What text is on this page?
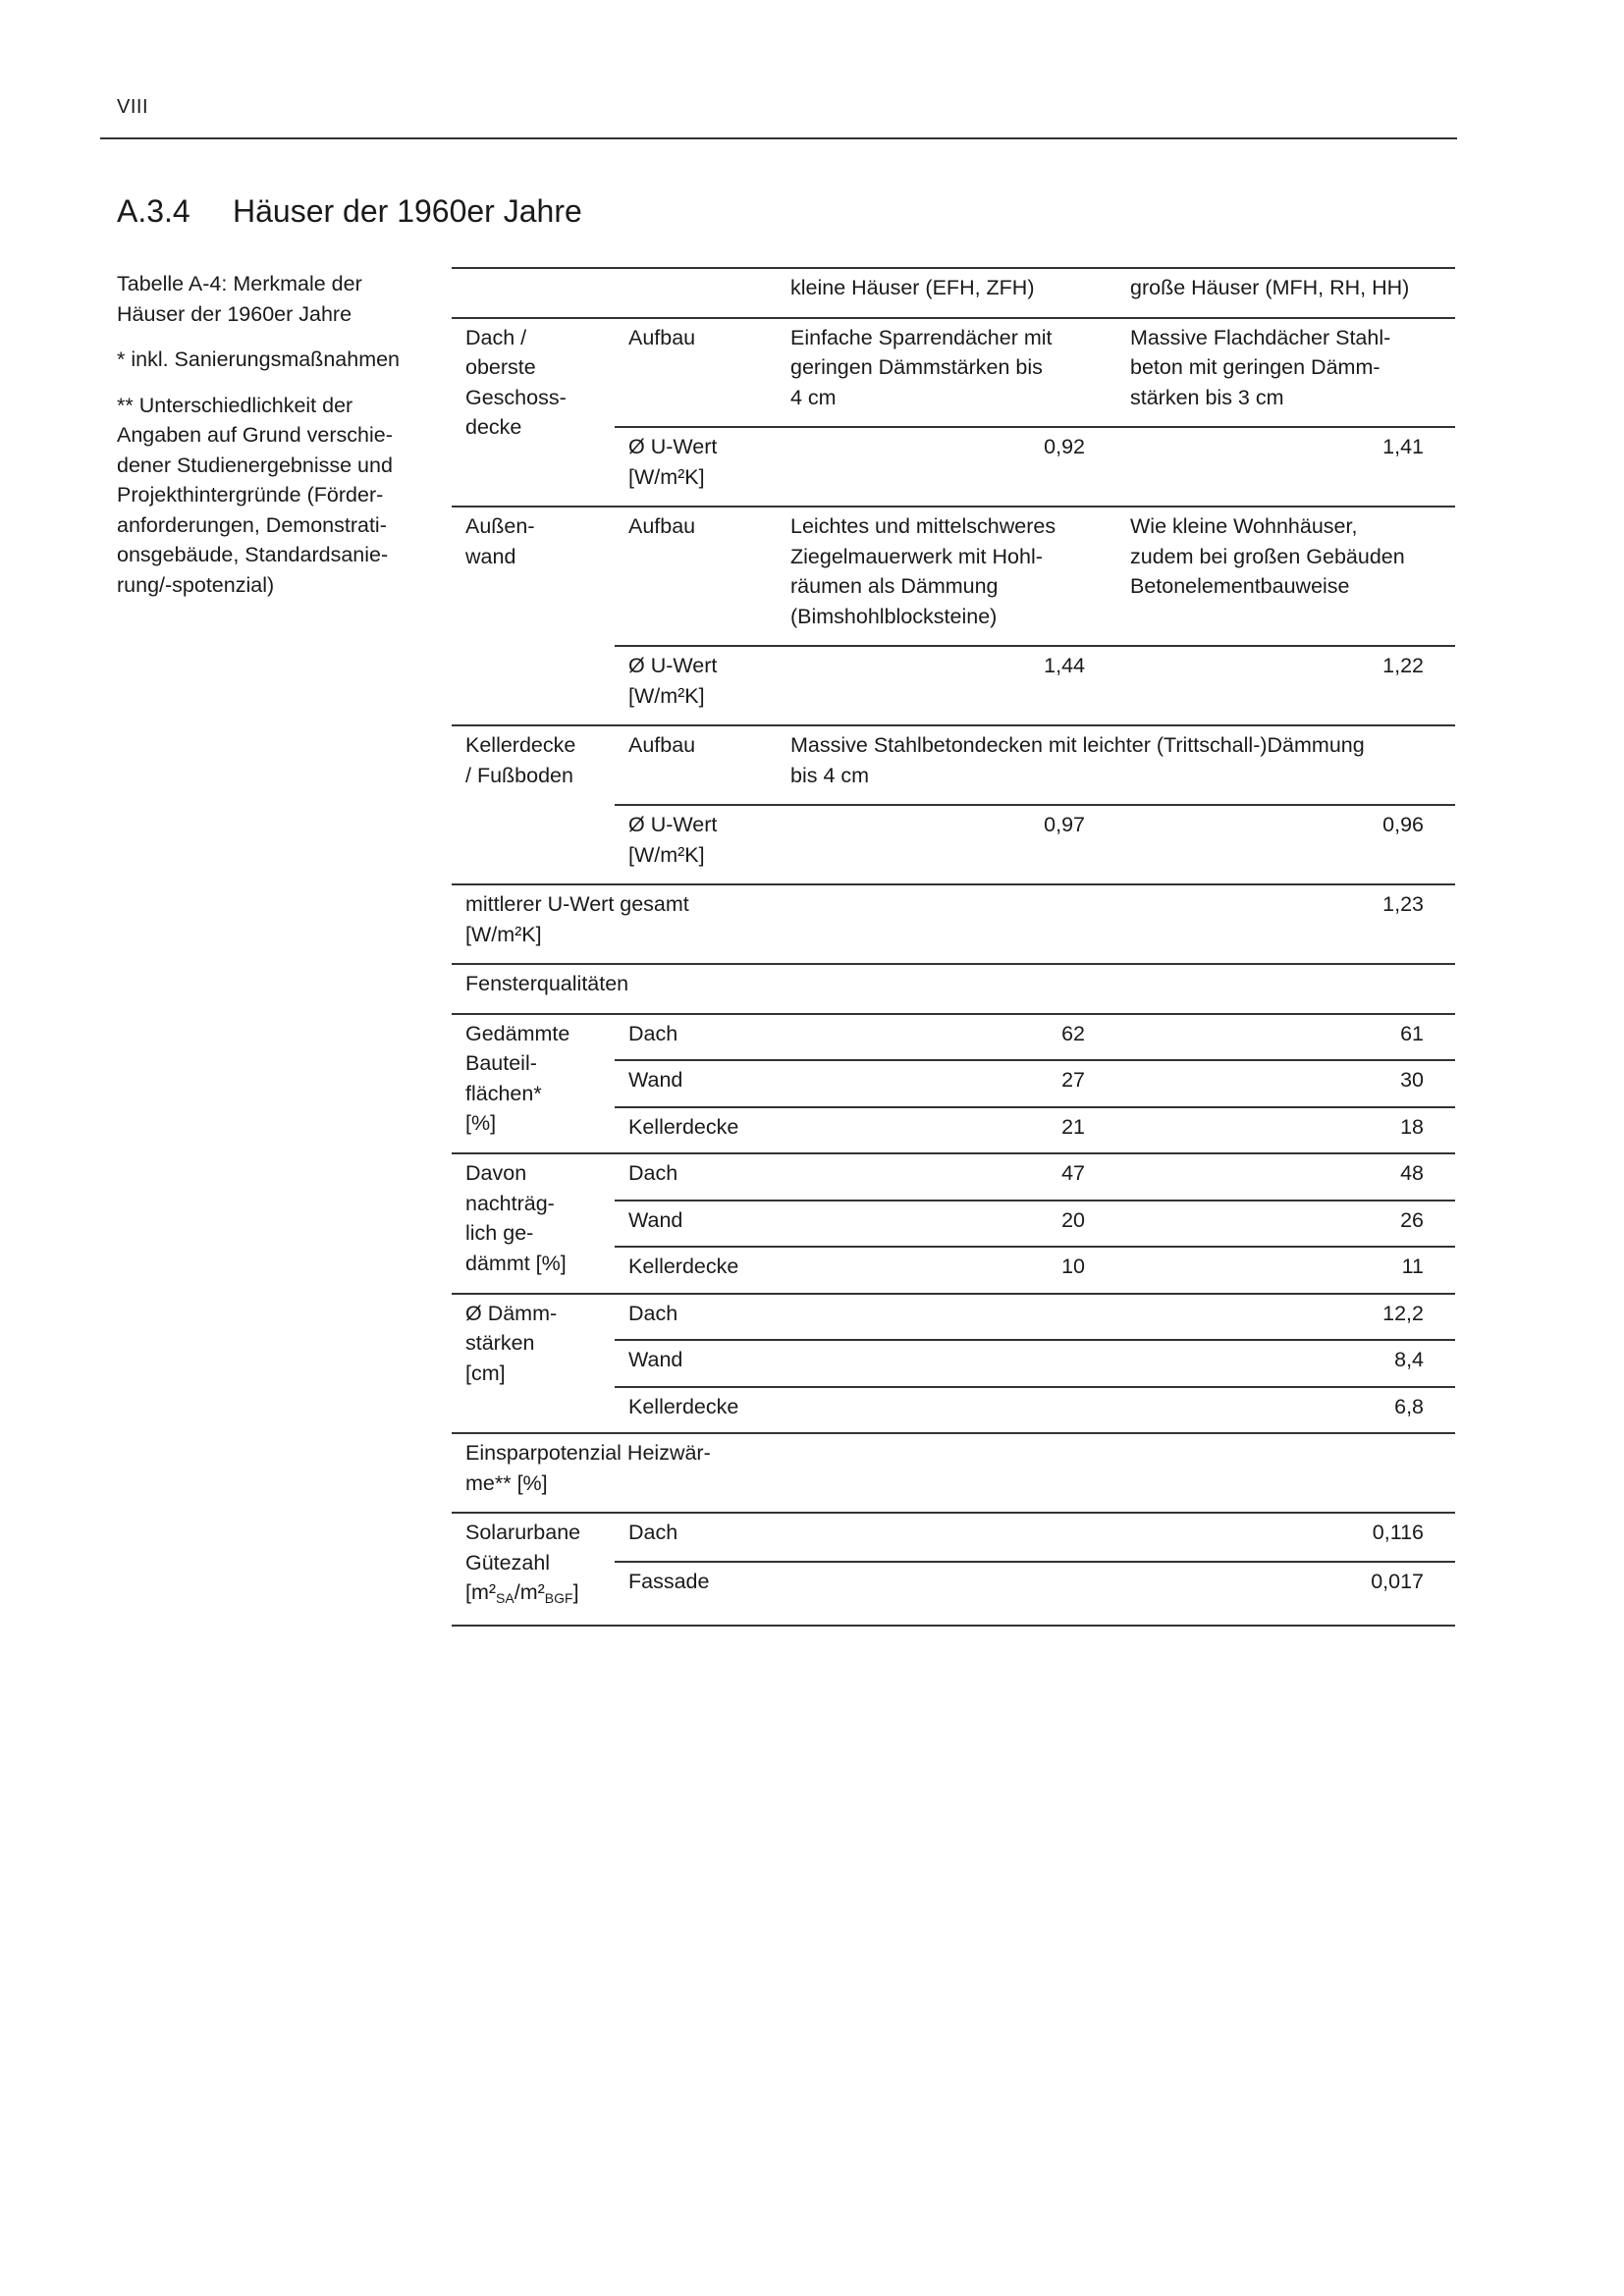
VIII
A.3.4 Häuser der 1960er Jahre

Tabelle A-4: Merkmale der
Häuser der 1960er Jahre

* inkl. Sanierungsmaßnahmen

** Unterschiedlichkeit der
Angaben auf Grund verschie-
dener Studienergebnisse und
Projekthintergründe (Förder-
anforderungen, Demonstrati-
onsgebäude, Standardsanie-
rung/-spotenzial)

		kleine Häuser (EFH, ZFH)	große Häuser (MFH, RH, HH)
Dach /
oberste
Geschoss-
decke	Aufbau	Einfache Sparrendächer mit
geringen Dämmstärken bis
4 cm	Massive Flachdächer Stahl-
beton mit geringen Dämm-
stärken bis 3 cm
	Ø U-Wert
[W/m²K]	0,92	1,41
Außen-
wand	Aufbau	Leichtes und mittelschweres
Ziegelmauerwerk mit Hohl-
räumen als Dämmung
(Bimshohlblocksteine)	Wie kleine Wohnhäuser,
zudem bei großen Gebäuden
Betonelementbauweise
	Ø U-Wert
[W/m²K]	1,44	1,22
Kellerdecke
/ Fußboden	Aufbau	Massive Stahlbetondecken mit leichter (Trittschall-)Dämmung
bis 4 cm	
	Ø U-Wert
[W/m²K]	0,97	0,96
mittlerer U-Wert gesamt
[W/m²K]			1,23
Fensterqualitäten			
Gedämmte
Bauteil-
flächen*
[%]	Dach	62	61
	Wand	27	30
	Kellerdecke	21	18
Davon
nachträg-
lich ge-
dämmt [%]	Dach	47	48
	Wand	20	26
	Kellerdecke	10	11
Ø Dämm-
stärken
[cm]	Dach		12,2
	Wand		8,4
	Kellerdecke		6,8
Einsparpotenzial Heizwär-
me** [%]			
Solarurbane
Gütezahl
$[m^2_{SA}/m^2_{BGF}]$	Dach		0,116
	Fassade		0,017
